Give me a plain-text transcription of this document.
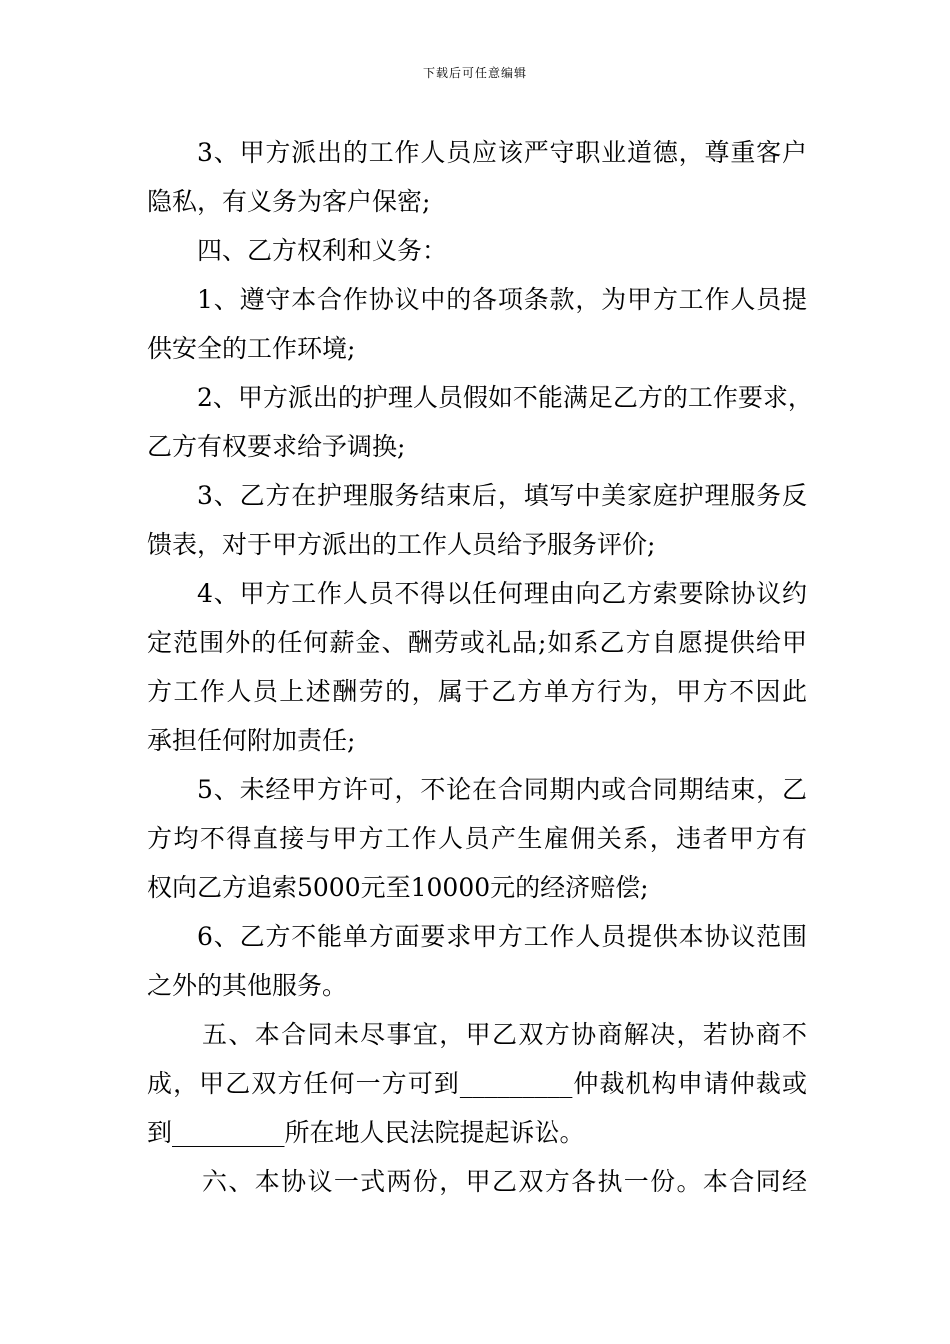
下载后可任意编辑
3、甲方派出的工作人员应该严守职业道德，尊重客户
隐私，有义务为客户保密;
四、乙方权利和义务：
1、遵守本合作协议中的各项条款，为甲方工作人员提
供安全的工作环境;
2、甲方派出的护理人员假如不能满足乙方的工作要求，
乙方有权要求给予调换;
3、乙方在护理服务结束后，填写中美家庭护理服务反
馈表，对于甲方派出的工作人员给予服务评价;
4、甲方工作人员不得以任何理由向乙方索要除协议约
定范围外的任何薪金、酬劳或礼品;如系乙方自愿提供给甲
方工作人员上述酬劳的，属于乙方单方行为，甲方不因此
承担任何附加责任;
5、未经甲方许可，不论在合同期内或合同期结束，乙
方均不得直接与甲方工作人员产生雇佣关系，违者甲方有
权向乙方追索5000元至10000元的经济赔偿;
6、乙方不能单方面要求甲方工作人员提供本协议范围
之外的其他服务。
五、本合同未尽事宜，甲乙双方协商解决，若协商不
成，甲乙双方任何一方可到_________仲裁机构申请仲裁或
到_________所在地人民法院提起诉讼。
六、本协议一式两份，甲乙双方各执一份。本合同经
